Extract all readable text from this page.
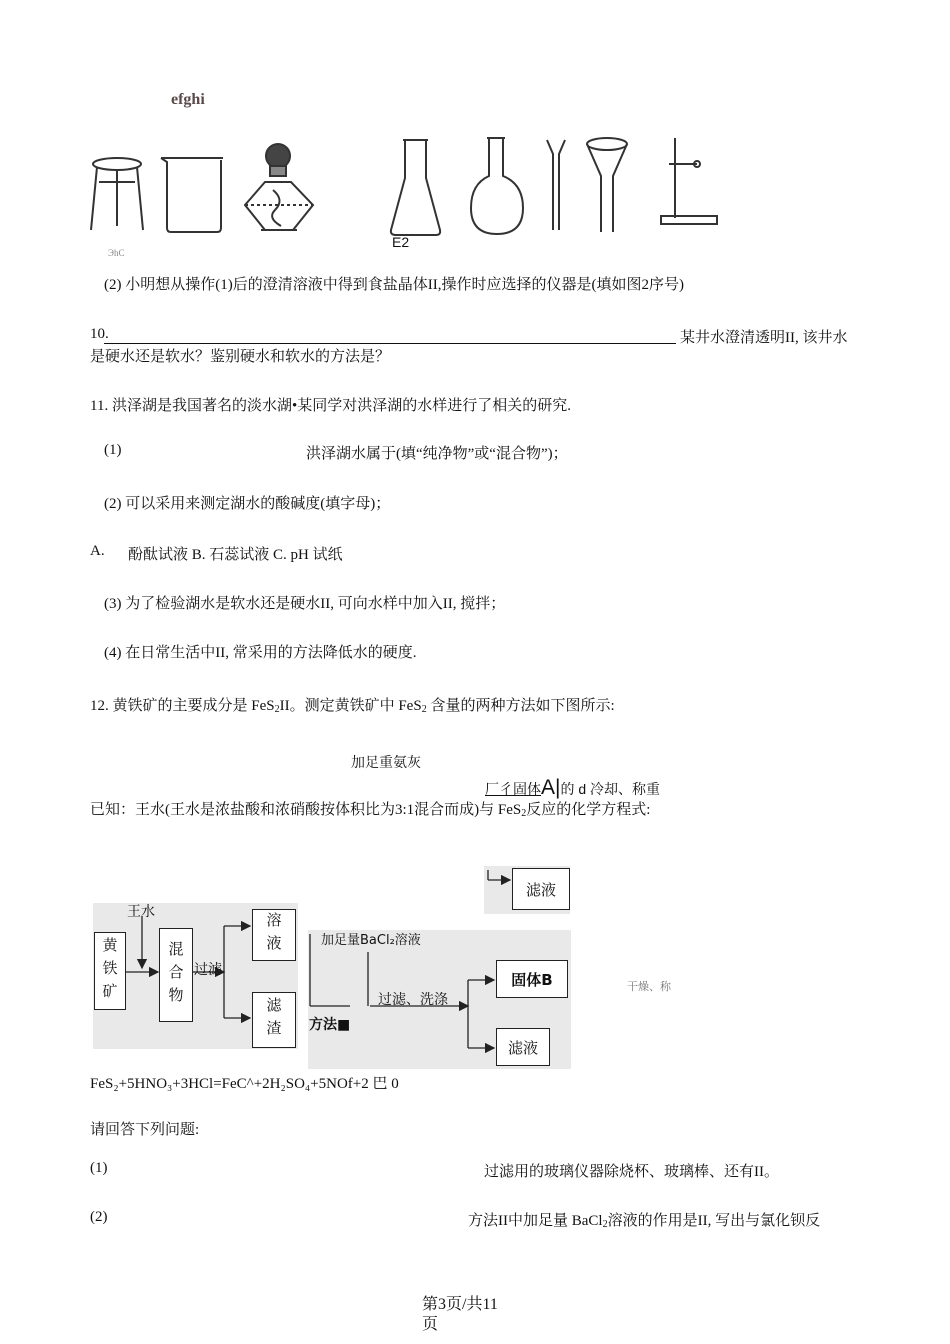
efghi
ЭhС
E2
(2) 小明想从操作(1)后的澄清溶液中得到食盐晶体II,操作时应选择的仪器是(填如图2序号)
10.	某井水澄清透明II, 该井水
是硬水还是软水？鉴别硬水和软水的方法是？
11. 洪泽湖是我国著名的淡水湖•某同学对洪泽湖的水样进行了相关的研究.
(1)	洪泽湖水属于(填“纯净物”或“混合物”)；
(2) 可以采用来测定湖水的酸碱度(填字母)；
A. 酚酞试液 B. 石蕊试液 C. pH 试纸
(3) 为了检验湖水是软水还是硬水II, 可向水样中加入II, 搅拌；
(4) 在日常生活中II, 常采用的方法降低水的硬度.
12. 黄铁矿的主要成分是 FeS$_2$II。测定黄铁矿中 FeS$_2$ 含量的两种方法如下图所示:
加足重氨灰
厂彳固体A|的 d 冷却、称重
已知：王水(王水是浓盐酸和浓硝酸按体积比为3:1混合而成)与 FeS$_2$反应的化学方程式:
王水
黄铁矿	混合物 过滤
溶液
滤渣
加足量BaCl₂溶液
过滤、洗涤
方法■
滤液
固体B
滤液
干燥、称
FeS₂+5HNO₃+3HCl=FeC^+2H₂SO₄+5NOf+2 巴 0
请回答下列问题:
(1)	过滤用的玻璃仪器除烧杯、玻璃棒、还有II。
(2)	方法II中加足量 BaCl$_2$溶液的作用是II, 写出与氯化钡反
第3页/共11
页
